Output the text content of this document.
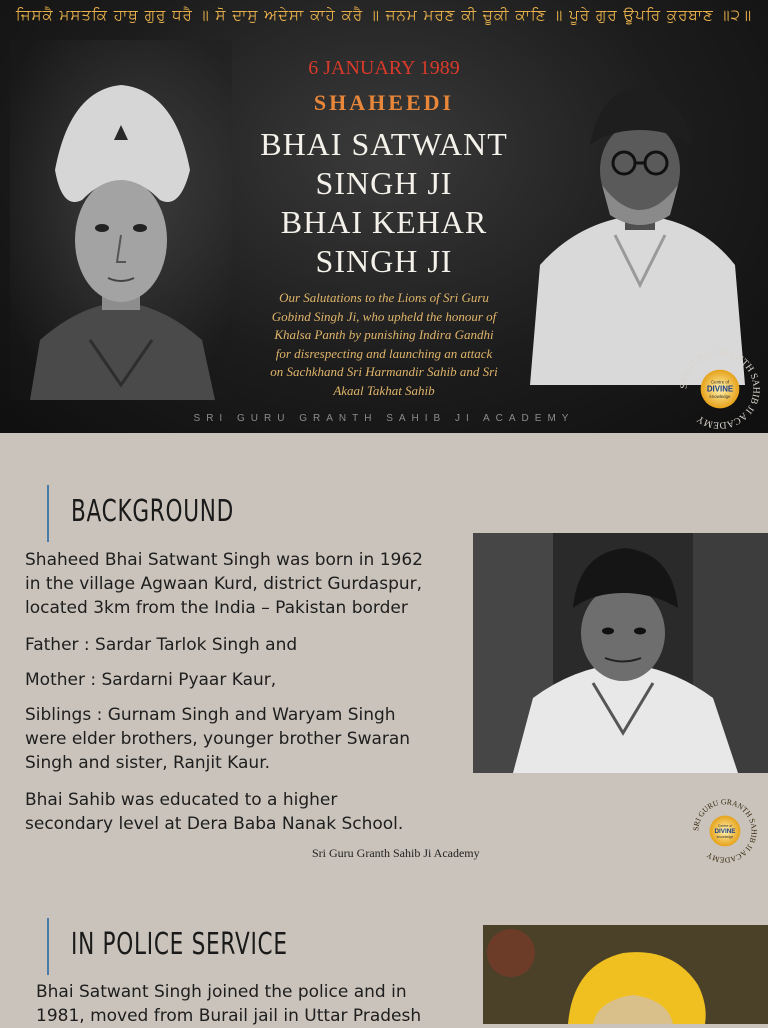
ਜਿਸਕੈ ਮਸਤਕਿ ਹਾਥੁ ਗੁਰੁ ਧਰੈ ॥ ਸੋ ਦਾਸੁ ਅਦੇਸਾ ਕਾਹੇ ਕਰੈ ॥ ਜਨਮ ਮਰਣ ਕੀ ਚੂਕੀ ਕਾਣਿ ॥ ਪੂਰੇ ਗੁਰ ਊਪਰਿ ਕੁਰਬਾਣ ॥੨॥
6 JANUARY 1989
SHAHEEDI
BHAI SATWANT
SINGH JI
BHAI KEHAR
SINGH JI
Our Salutations to the Lions of Sri Guru
Gobind Singh Ji, who upheld the honour of
Khalsa Panth by punishing Indira Gandhi
for disrespecting and launching an attack
on Sachkhand Sri Harmandir Sahib and Sri
Akaal Takhat Sahib
SRI GURU GRANTH SAHIB JI ACADEMY
SRI GURU GRANTH SAHIB JI ACADEMY
Centre of
DIVINE
knowledge
BACKGROUND
Shaheed Bhai Satwant Singh was born in 1962
in the village Agwaan Kurd, district Gurdaspur,
located 3km from the India – Pakistan border
Father : Sardar Tarlok Singh and
Mother : Sardarni Pyaar Kaur,
Siblings : Gurnam Singh and Waryam Singh
were elder brothers, younger brother Swaran
Singh and sister, Ranjit Kaur.
Bhai Sahib was educated to a higher
secondary level at Dera Baba Nanak School.	SRI GURU GRANTH SAHIB JI ACADEMY
Centre of
DIVINE
knowledge
Sri Guru Granth Sahib Ji Academy
IN POLICE SERVICE
Bhai Satwant Singh joined the police and in
1981, moved from Burail jail in Uttar Pradesh
